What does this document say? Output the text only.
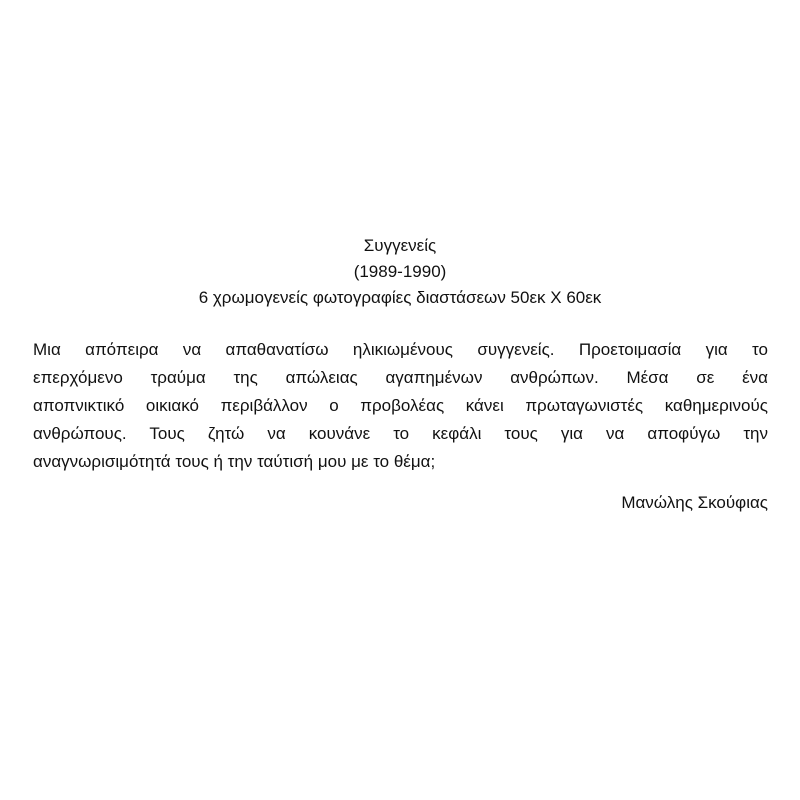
Συγγενείς
(1989-1990)
6 χρωμογενείς φωτογραφίες διαστάσεων 50εκ Χ 60εκ
Μια απόπειρα να απαθανατίσω ηλικιωμένους συγγενείς. Προετοιμασία για το
επερχόμενο τραύμα της απώλειας αγαπημένων ανθρώπων. Μέσα σε ένα
αποπνικτικό οικιακό περιβάλλον ο προβολέας κάνει πρωταγωνιστές καθημερινούς
ανθρώπους. Τους ζητώ να κουνάνε το κεφάλι τους για να αποφύγω την
αναγνωρισιμότητά τους ή την ταύτισή μου με το θέμα;
Μανώλης Σκούφιας
